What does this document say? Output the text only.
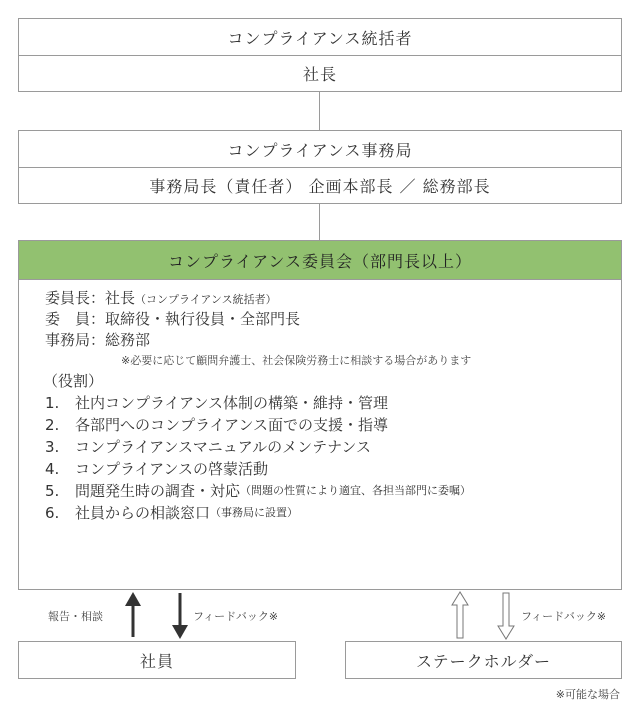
コンプライアンス統括者
社長
コンプライアンス事務局
事務局長（責任者） 企画本部長 ／ 総務部長
コンプライアンス委員会（部門長以上）
委員長：社長（コンプライアンス統括者）
委　員：取締役・執行役員・全部門長
事務局：総務部
※必要に応じて顧問弁護士、社会保険労務士に相談する場合があります
（役割）
1.	社内コンプライアンス体制の構築・維持・管理
2.	各部門へのコンプライアンス面での支援・指導
3.	コンプライアンスマニュアルのメンテナンス
4.	コンプライアンスの啓蒙活動
5.	問題発生時の調査・対応 （問題の性質により適宜、各担当部門に委嘱）
6.	社員からの相談窓口 （事務局に設置）
報告・相談	フィードバック※	フィードバック※
社員	ステークホルダー
※可能な場合
